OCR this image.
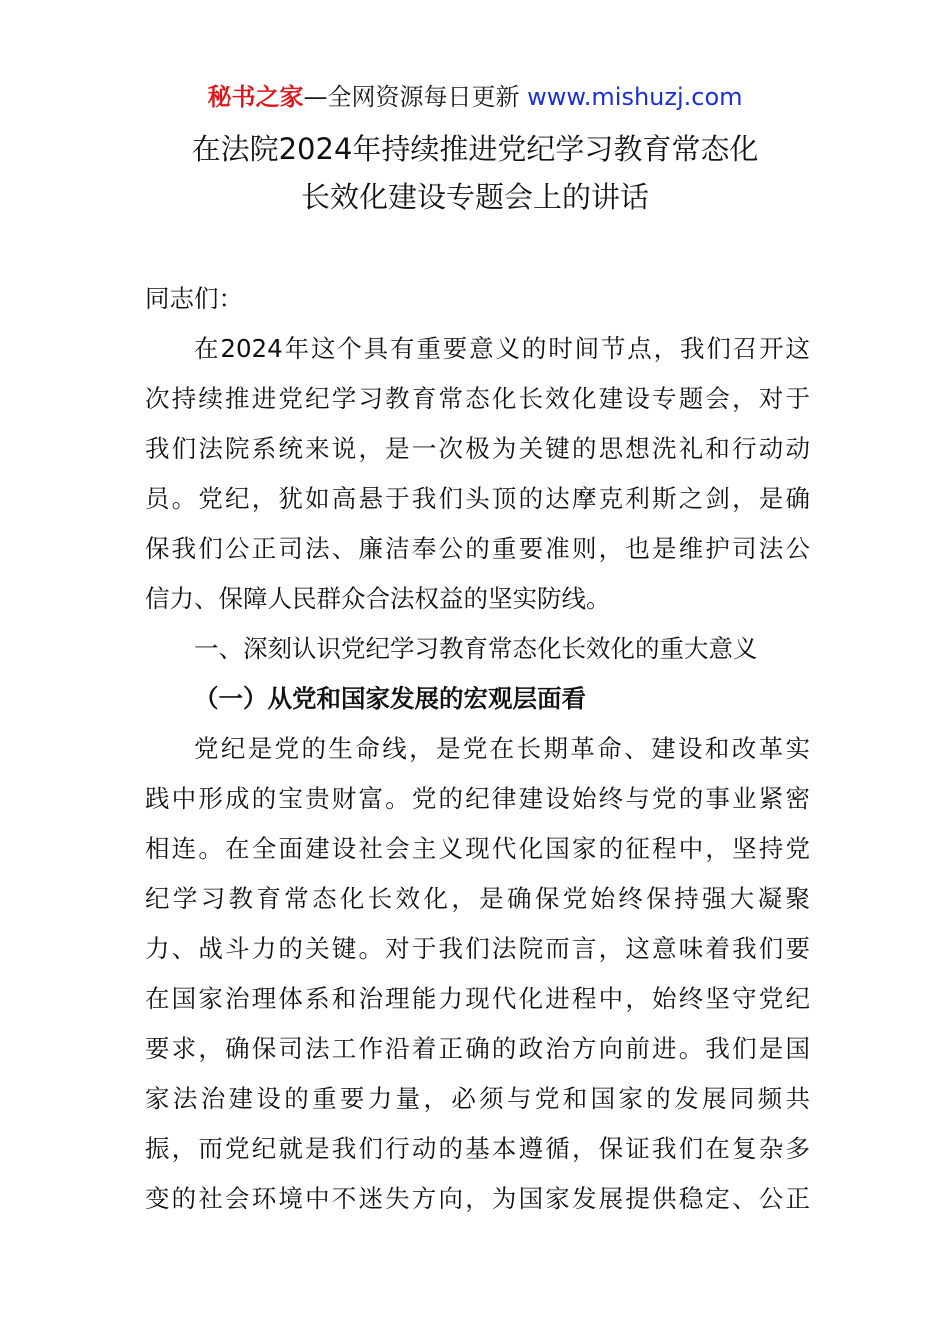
秘书之家—全网资源每日更新 www.mishuzj.com
在法院2024年持续推进党纪学习教育常态化
长效化建设专题会上的讲话
同志们：
在2024年这个具有重要意义的时间节点，我们召开这
次持续推进党纪学习教育常态化长效化建设专题会，对于
我们法院系统来说，是一次极为关键的思想洗礼和行动动
员。党纪，犹如高悬于我们头顶的达摩克利斯之剑，是确
保我们公正司法、廉洁奉公的重要准则，也是维护司法公
信力、保障人民群众合法权益的坚实防线。
一、深刻认识党纪学习教育常态化长效化的重大意义
（一）从党和国家发展的宏观层面看
党纪是党的生命线，是党在长期革命、建设和改革实
践中形成的宝贵财富。党的纪律建设始终与党的事业紧密
相连。在全面建设社会主义现代化国家的征程中，坚持党
纪学习教育常态化长效化，是确保党始终保持强大凝聚
力、战斗力的关键。对于我们法院而言，这意味着我们要
在国家治理体系和治理能力现代化进程中，始终坚守党纪
要求，确保司法工作沿着正确的政治方向前进。我们是国
家法治建设的重要力量，必须与党和国家的发展同频共
振，而党纪就是我们行动的基本遵循，保证我们在复杂多
变的社会环境中不迷失方向，为国家发展提供稳定、公正
